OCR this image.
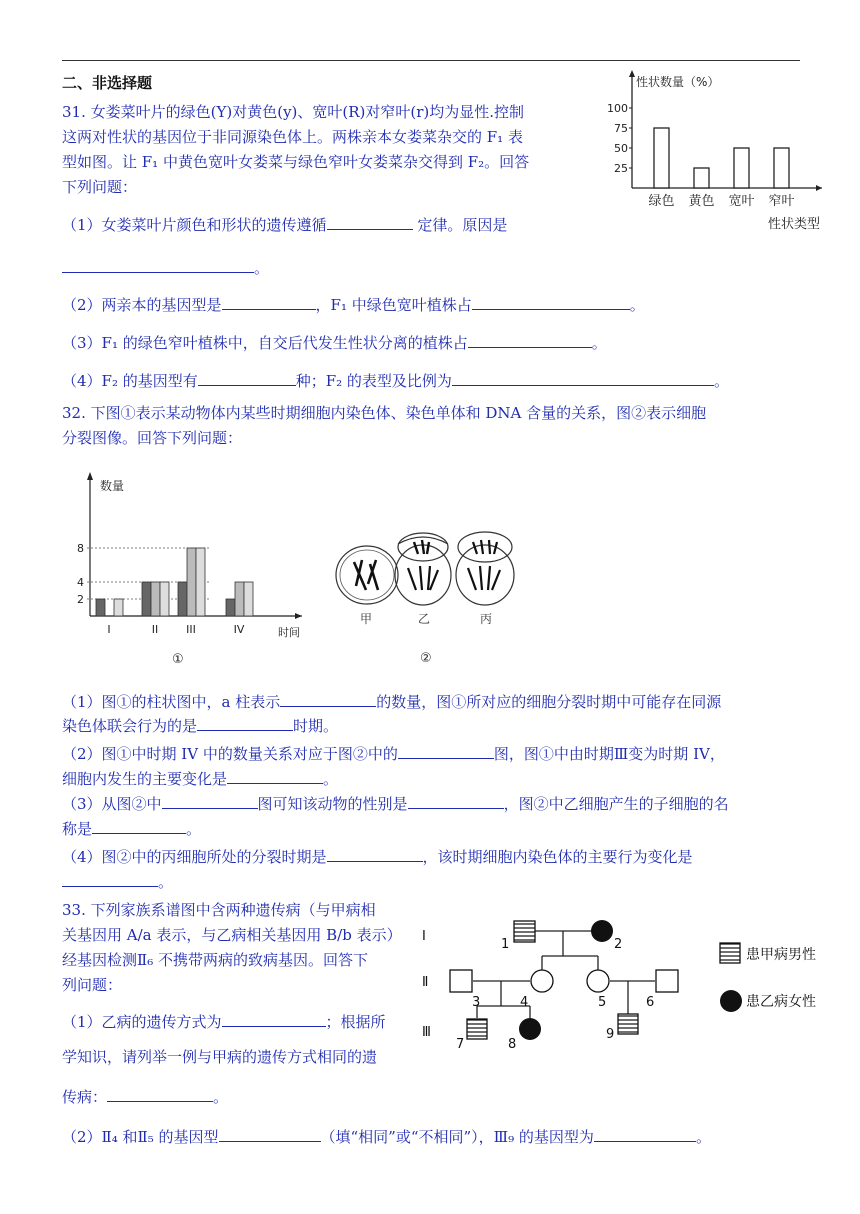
二、非选择题
31. 女娄菜叶片的绿色(Y)对黄色(y)、宽叶(R)对窄叶(r)均为显性.控制
这两对性状的基因位于非同源染色体上。两株亲本女娄菜杂交的 F₁ 表
型如图。让 F₁ 中黄色宽叶女娄菜与绿色窄叶女娄菜杂交得到 F₂。回答
下列问题：
（1）女娄菜叶片颜色和形状的遗传遵循	定律。原因是
。
（2）两亲本的基因型是	，F₁ 中绿色宽叶植株占	。
（3）F₁ 的绿色窄叶植株中，自交后代发生性状分离的植株占	。
（4）F₂ 的基因型有	种；F₂ 的表型及比例为	。
性状数量（%）
100
75
50
25
绿色 黄色 宽叶 窄叶
性状类型
32. 下图①表示某动物体内某些时期细胞内染色体、染色单体和 DNA 含量的关系，图②表示细胞
分裂图像。回答下列问题：
数量
8
4
2
I	II	III	IV	时间
①
甲	乙	丙
②
（1）图①的柱状图中，a 柱表示	的数量，图①所对应的细胞分裂时期中可能存在同源
染色体联会行为的是	时期。
（2）图①中时期 IV 中的数量关系对应于图②中的	图，图①中由时期Ⅲ变为时期 IV，
细胞内发生的主要变化是	。
（3）从图②中	图可知该动物的性别是	，图②中乙细胞产生的子细胞的名
称是	。
（4）图②中的丙细胞所处的分裂时期是	，该时期细胞内染色体的主要行为变化是
。
33. 下列家族系谱图中含两种遗传病（与甲病相
关基因用 A/a 表示，与乙病相关基因用 B/b 表示）
经基因检测Ⅱ₆ 不携带两病的致病基因。回答下
列问题：
（1）乙病的遗传方式为	；根据所
学知识，请列举一例与甲病的遗传方式相同的遗
传病：	。
（2）Ⅱ₄ 和Ⅱ₅ 的基因型	（填“相同”或“不相同”），Ⅲ₉ 的基因型为	。
I
Ⅱ
Ⅲ
1	2
3	4	5	6
7	8
9
患甲病男性
患乙病女性
